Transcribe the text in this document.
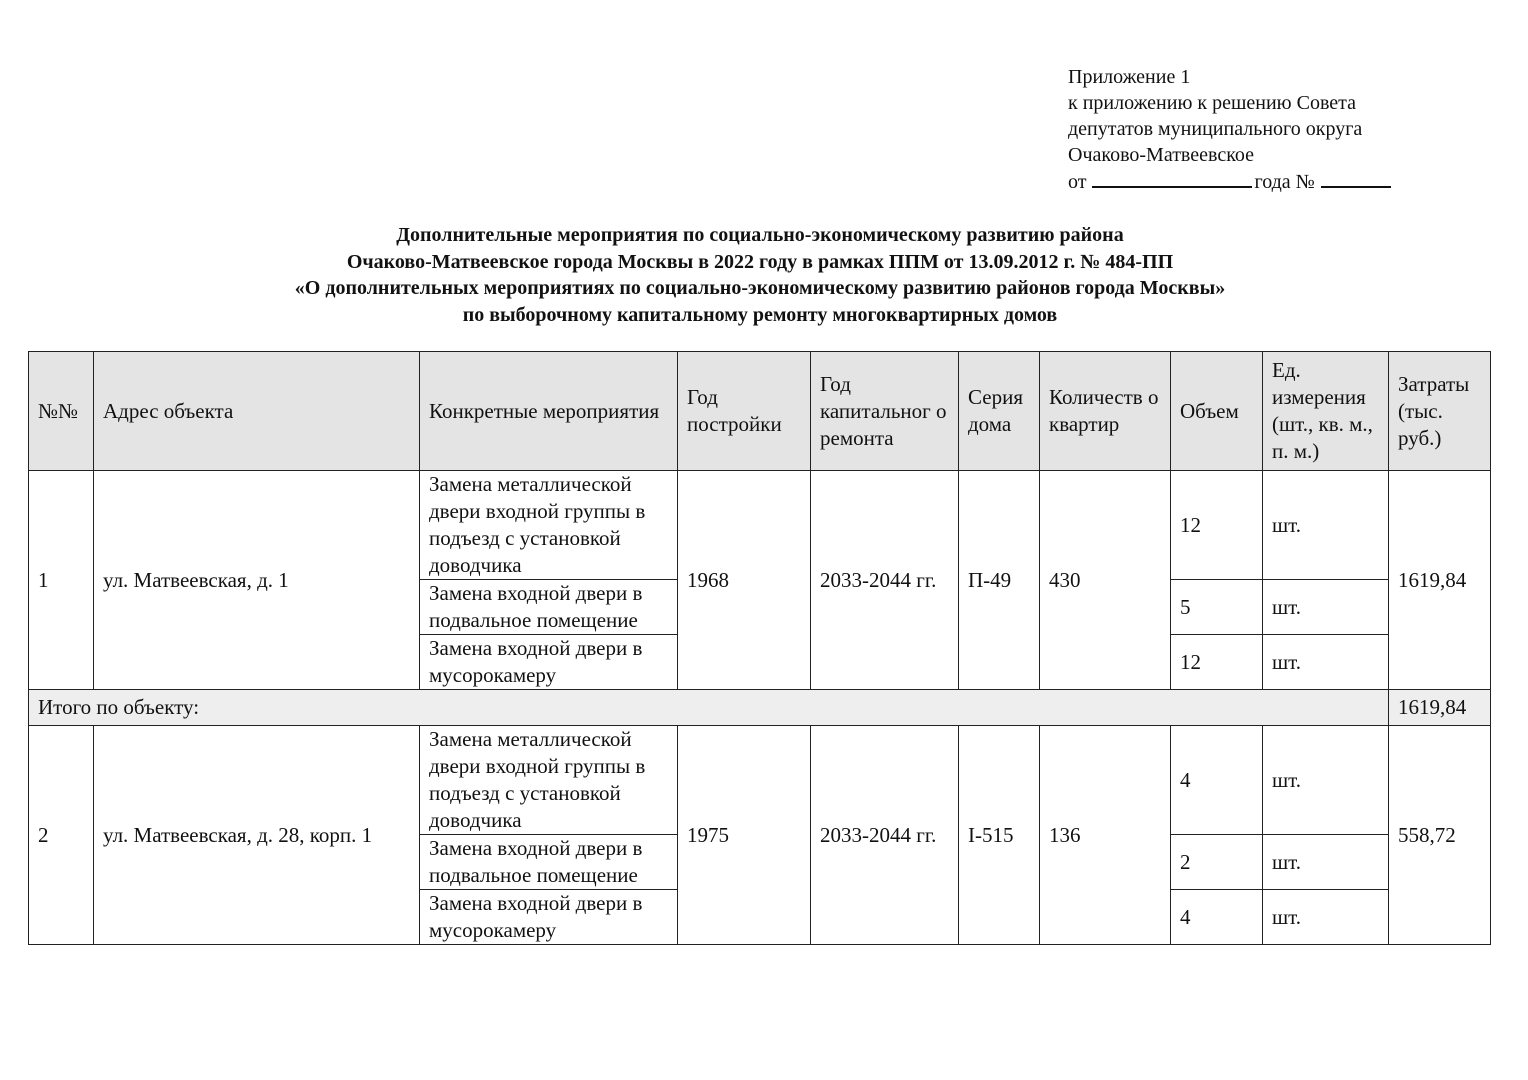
Приложение 1
к приложению к решению Совета
депутатов муниципального округа
Очаково-Матвеевское
от	года №
Дополнительные мероприятия по социально-экономическому развитию района
Очаково-Матвеевское города Москвы в 2022 году в рамках ППМ от 13.09.2012 г. № 484-ПП
«О дополнительных мероприятиях по социально-экономическому развитию районов города Москвы»
по выборочному капитальному ремонту многоквартирных домов
№№	Адрес объекта	Конкретные мероприятия	Год постройки	Год капитальног о ремонта	Серия дома	Количеств о квартир	Объем	Ед. измерения (шт., кв. м., п. м.)	Затраты (тыс. руб.)
1	ул. Матвеевская, д. 1	Замена металлической двери входной группы в подъезд с установкой доводчика	1968	2033-2044 гг.	П-49	430	12	шт.	1619,84
		Замена входной двери в подвальное помещение					5	шт.	
		Замена входной двери в мусорокамеру					12	шт.	
Итого по объекту:									1619,84
2	ул. Матвеевская, д. 28, корп. 1	Замена металлической двери входной группы в подъезд с установкой доводчика	1975	2033-2044 гг.	I-515	136	4	шт.	558,72
		Замена входной двери в подвальное помещение					2	шт.	
		Замена входной двери в мусорокамеру					4	шт.	
